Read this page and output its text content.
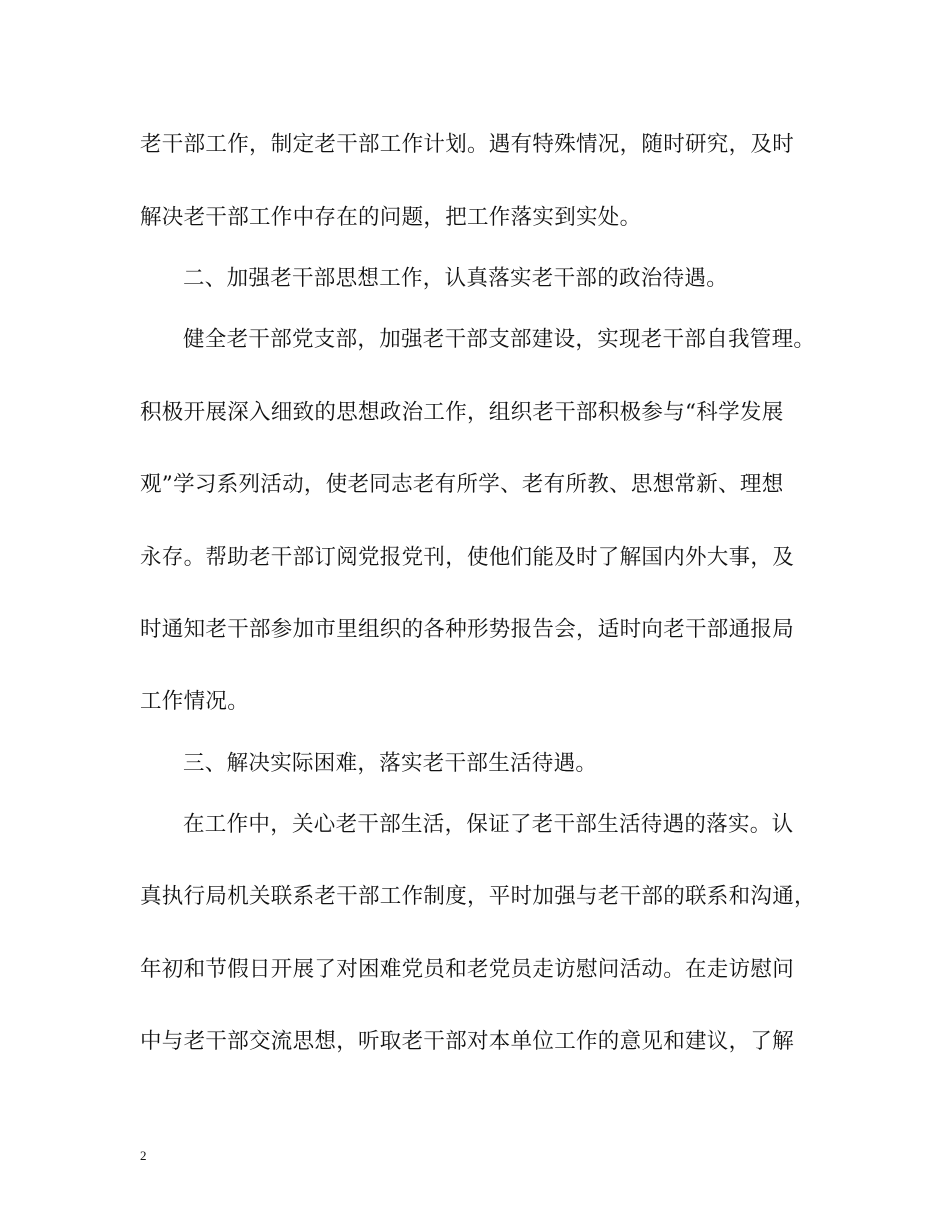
老干部工作，制定老干部工作计划。遇有特殊情况，随时研究，及时
解决老干部工作中存在的问题，把工作落实到实处。
二、加强老干部思想工作，认真落实老干部的政治待遇。
健全老干部党支部，加强老干部支部建设，实现老干部自我管理。
积极开展深入细致的思想政治工作，组织老干部积极参与“科学发展
观”学习系列活动，使老同志老有所学、老有所教、思想常新、理想
永存。帮助老干部订阅党报党刊，使他们能及时了解国内外大事，及
时通知老干部参加市里组织的各种形势报告会，适时向老干部通报局
工作情况。
三、解决实际困难，落实老干部生活待遇。
在工作中，关心老干部生活，保证了老干部生活待遇的落实。认
真执行局机关联系老干部工作制度，平时加强与老干部的联系和沟通，
年初和节假日开展了对困难党员和老党员走访慰问活动。在走访慰问
中与老干部交流思想，听取老干部对本单位工作的意见和建议，了解
2
